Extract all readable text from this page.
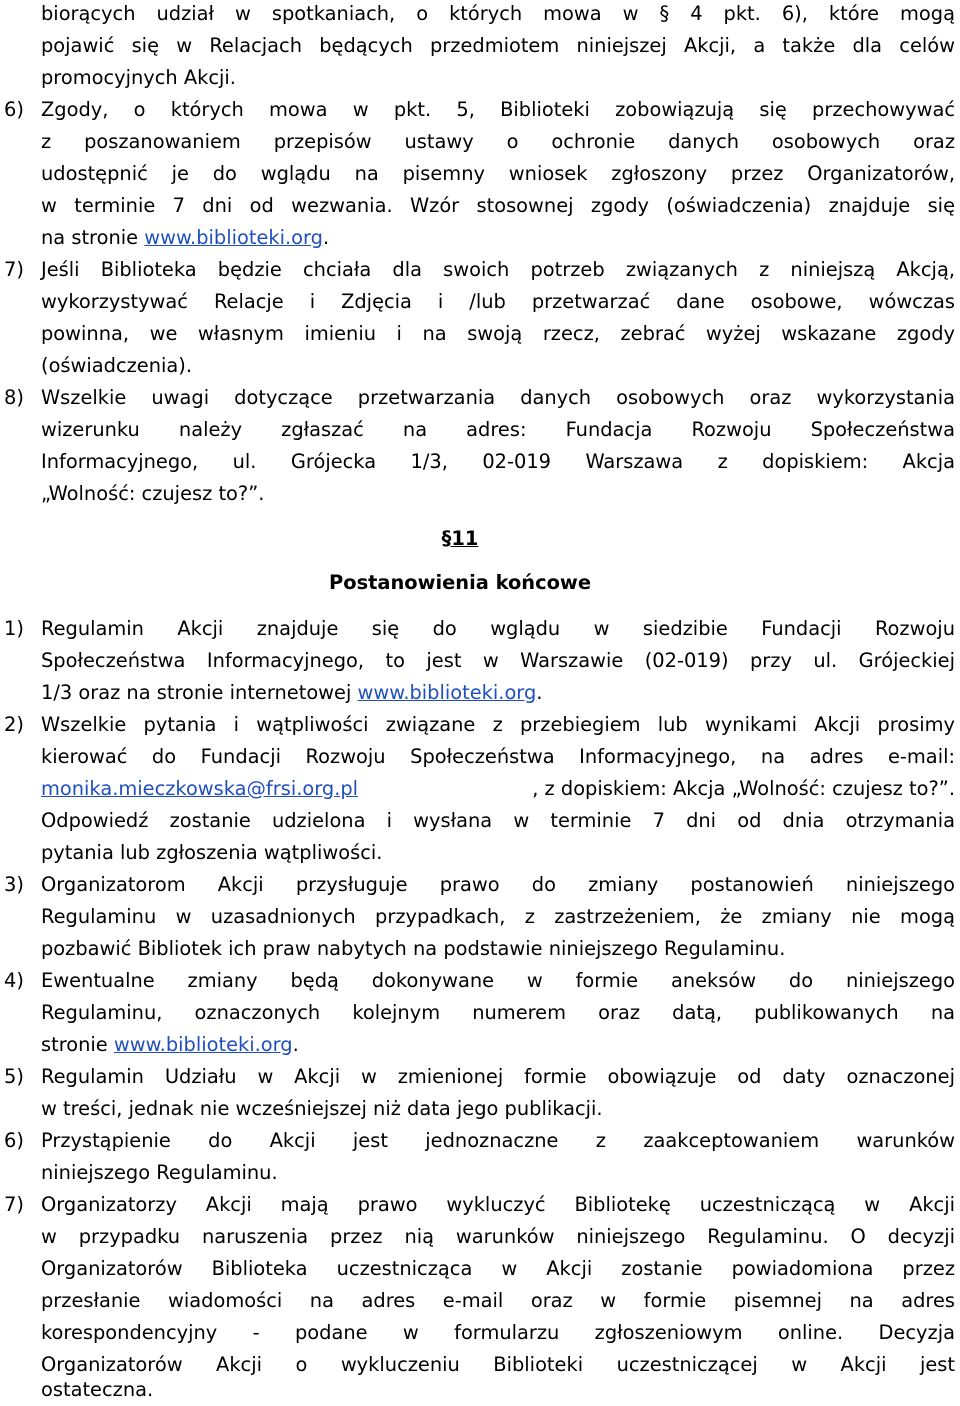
biorących udział w spotkaniach, o których mowa w § 4 pkt. 6), które mogą
pojawić się w Relacjach będących przedmiotem niniejszej Akcji, a także dla celów
promocyjnych Akcji.
6) Zgody, o których mowa w pkt. 5, Biblioteki zobowiązują się przechowywać
z poszanowaniem przepisów ustawy o ochronie danych osobowych oraz
udostępnić je do wglądu na pisemny wniosek zgłoszony przez Organizatorów,
w terminie 7 dni od wezwania. Wzór stosownej zgody (oświadczenia) znajduje się
na stronie www.biblioteki.org.
7) Jeśli Biblioteka będzie chciała dla swoich potrzeb związanych z niniejszą Akcją,
wykorzystywać Relacje i Zdjęcia i /lub przetwarzać dane osobowe, wówczas
powinna, we własnym imieniu i na swoją rzecz, zebrać wyżej wskazane zgody
(oświadczenia).
8) Wszelkie uwagi dotyczące przetwarzania danych osobowych oraz wykorzystania
wizerunku należy zgłaszać na adres: Fundacja Rozwoju Społeczeństwa
Informacyjnego, ul. Grójecka 1/3, 02-019 Warszawa z dopiskiem: Akcja
„Wolność: czujesz to?”.
§11
Postanowienia końcowe
1) Regulamin Akcji znajduje się do wglądu w siedzibie Fundacji Rozwoju
Społeczeństwa Informacyjnego, to jest w Warszawie (02-019) przy ul. Grójeckiej
1/3 oraz na stronie internetowej www.biblioteki.org.
2) Wszelkie pytania i wątpliwości związane z przebiegiem lub wynikami Akcji prosimy
kierować do Fundacji Rozwoju Społeczeństwa Informacyjnego, na adres e-mail:
monika.mieczkowska@frsi.org.pl	, z dopiskiem: Akcja „Wolność: czujesz to?”.
Odpowiedź zostanie udzielona i wysłana w terminie 7 dni od dnia otrzymania
pytania lub zgłoszenia wątpliwości.
3) Organizatorom Akcji przysługuje prawo do zmiany postanowień niniejszego
Regulaminu w uzasadnionych przypadkach, z zastrzeżeniem, że zmiany nie mogą
pozbawić Bibliotek ich praw nabytych na podstawie niniejszego Regulaminu.
4) Ewentualne zmiany będą dokonywane w formie aneksów do niniejszego
Regulaminu, oznaczonych kolejnym numerem oraz datą, publikowanych na
stronie www.biblioteki.org.
5) Regulamin Udziału w Akcji w zmienionej formie obowiązuje od daty oznaczonej
w treści, jednak nie wcześniejszej niż data jego publikacji.
6) Przystąpienie do Akcji jest jednoznaczne z zaakceptowaniem warunków
niniejszego Regulaminu.
7) Organizatorzy Akcji mają prawo wykluczyć Bibliotekę uczestniczącą w Akcji
w przypadku naruszenia przez nią warunków niniejszego Regulaminu. O decyzji
Organizatorów Biblioteka uczestnicząca w Akcji zostanie powiadomiona przez
przesłanie wiadomości na adres e-mail oraz w formie pisemnej na adres
korespondencyjny - podane w formularzu zgłoszeniowym online. Decyzja
Organizatorów Akcji o wykluczeniu Biblioteki uczestniczącej w Akcji jest
ostateczna.
